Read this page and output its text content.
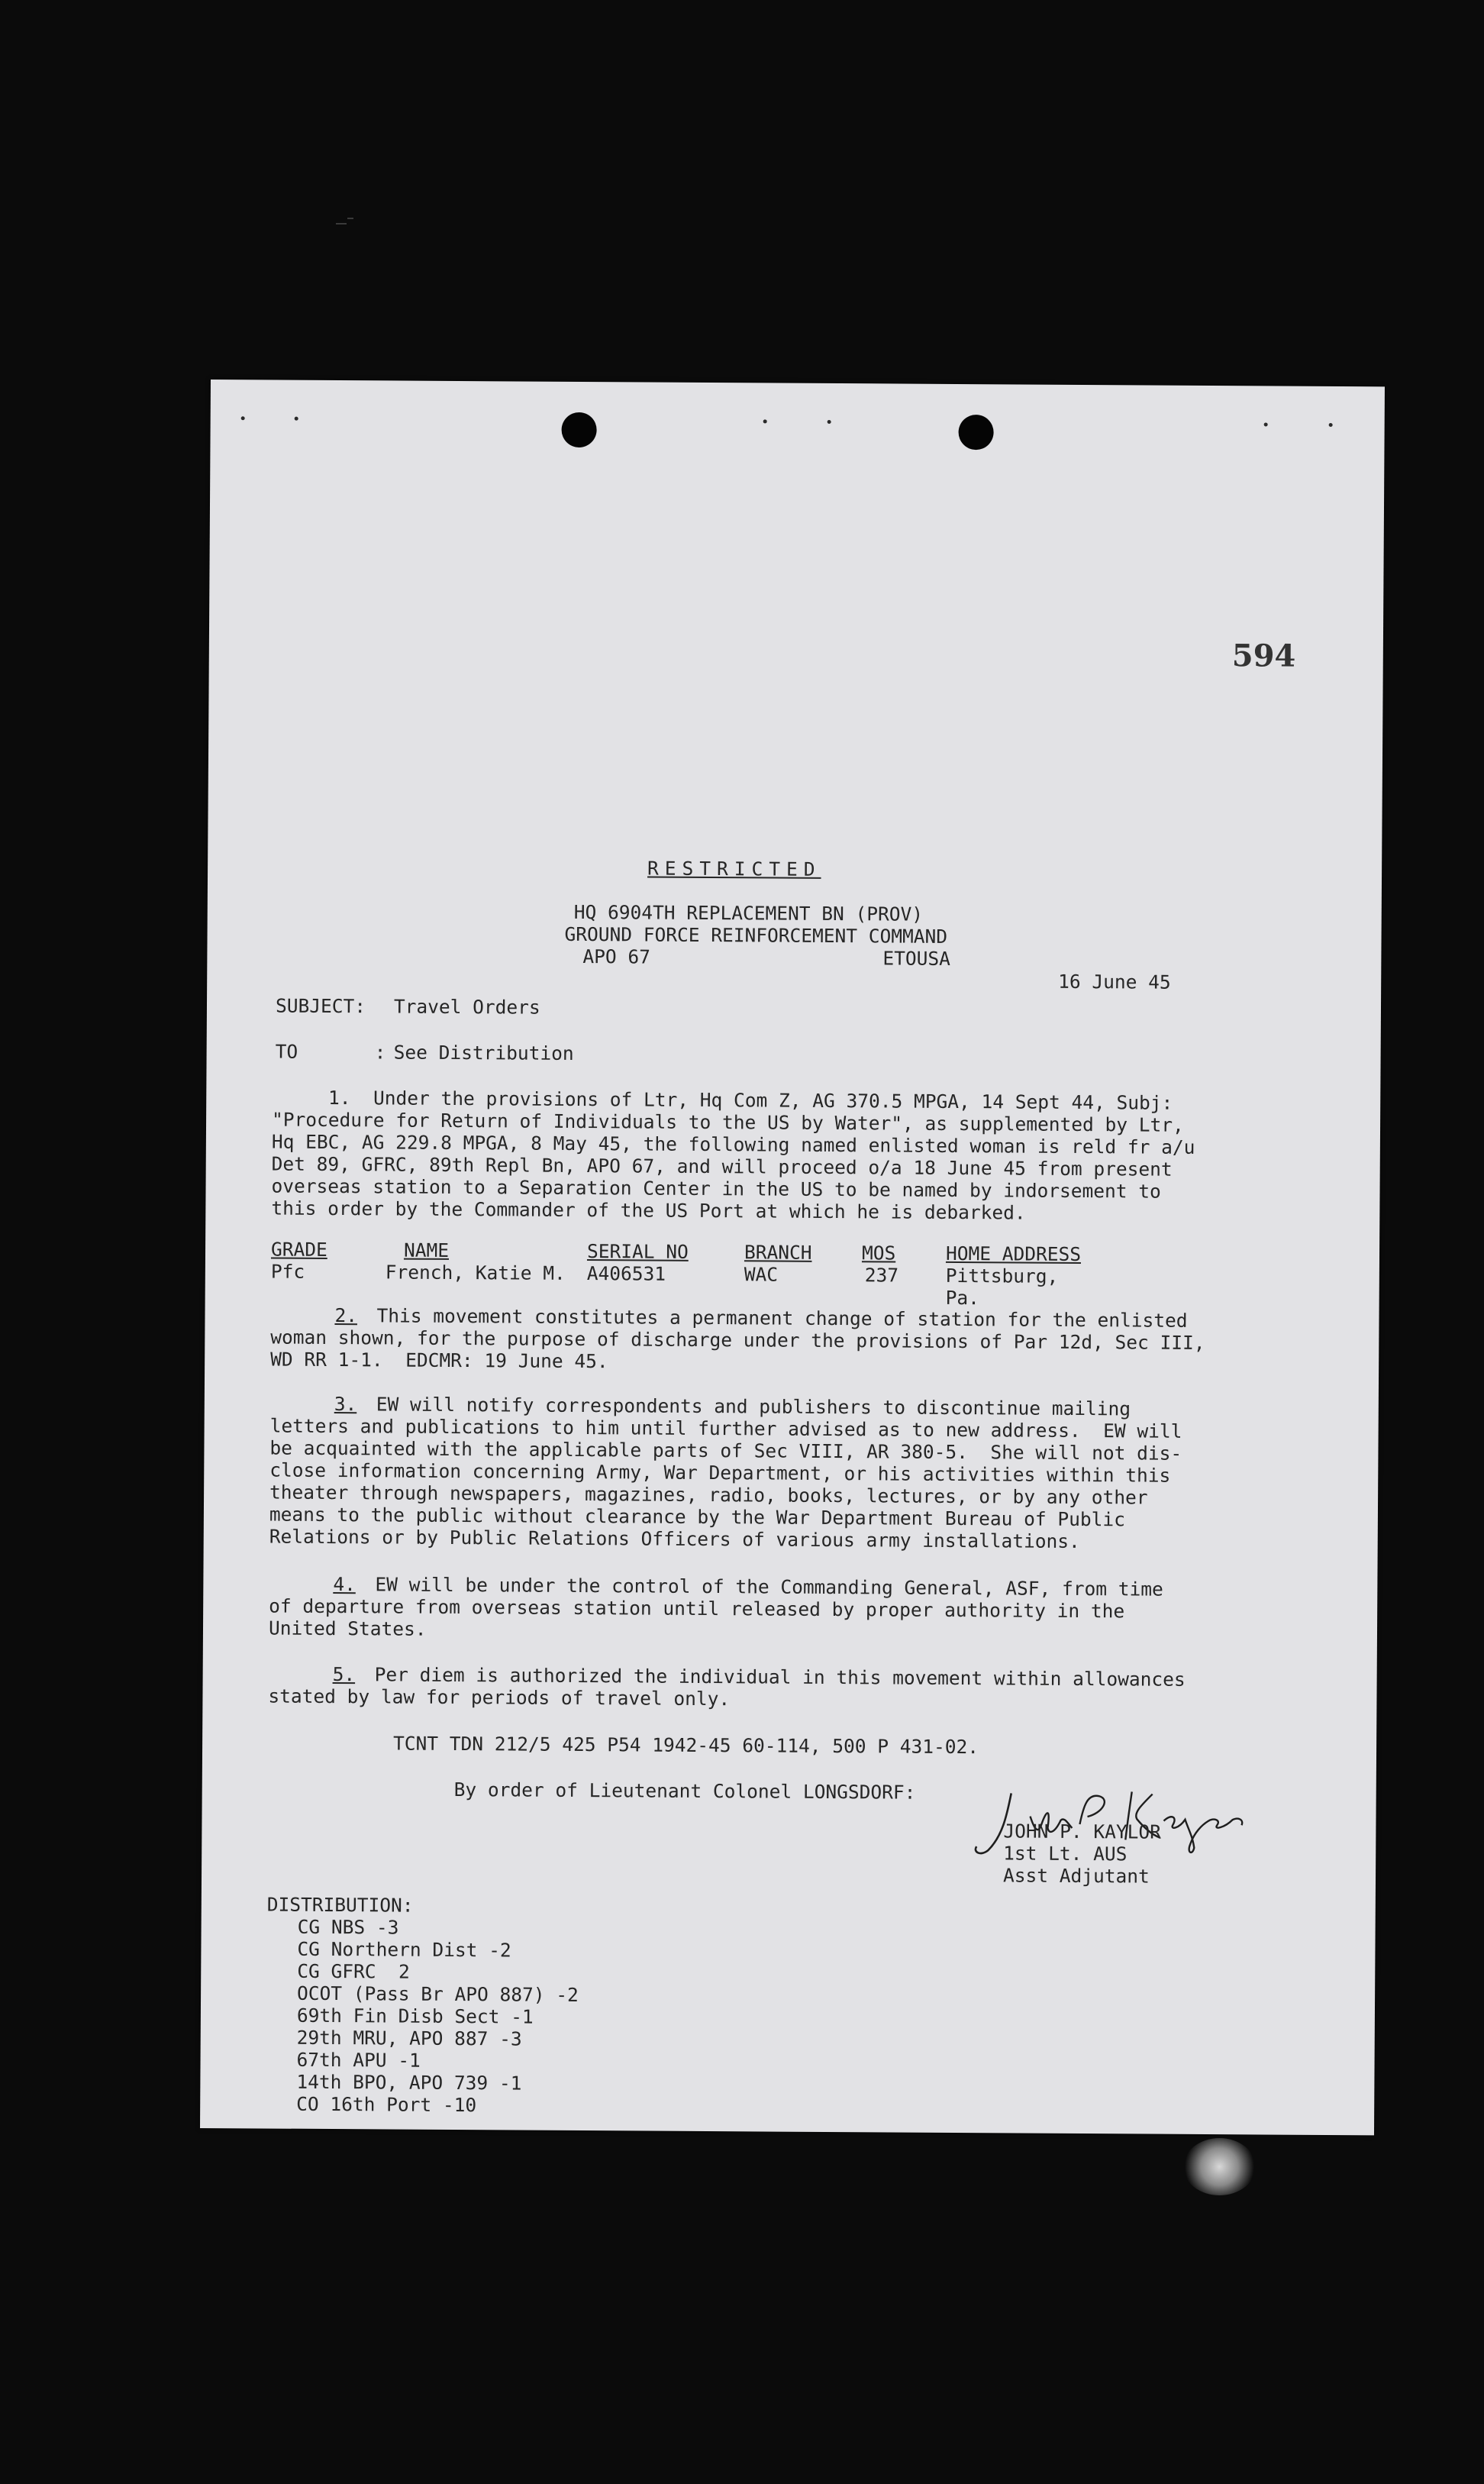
594
RESTRICTED
HQ 6904TH REPLACEMENT BN (PROV)
GROUND FORCE REINFORCEMENT COMMAND
APO 67	ETOUSA
16 June 45
SUBJECT: Travel Orders
TO	: See Distribution
1.  Under the provisions of Ltr, Hq Com Z, AG 370.5 MPGA, 14 Sept 44, Subj:
"Procedure for Return of Individuals to the US by Water", as supplemented by Ltr,
Hq EBC, AG 229.8 MPGA, 8 May 45, the following named enlisted woman is reld fr a/u
Det 89, GFRC, 89th Repl Bn, APO 67, and will proceed o/a 18 June 45 from present
overseas station to a Separation Center in the US to be named by indorsement to
this order by the Commander of the US Port at which he is debarked.
GRADE	NAME	SERIAL NO	BRANCH	MOS	HOME ADDRESS
Pfc	French, Katie M. A406531	WAC	237	Pittsburg,
Pa.
2. This movement constitutes a permanent change of station for the enlisted
woman shown, for the purpose of discharge under the provisions of Par 12d, Sec III,
WD RR 1-1.  EDCMR: 19 June 45.
3. EW will notify correspondents and publishers to discontinue mailing
letters and publications to him until further advised as to new address.  EW will
be acquainted with the applicable parts of Sec VIII, AR 380-5.  She will not dis-
close information concerning Army, War Department, or his activities within this
theater through newspapers, magazines, radio, books, lectures, or by any other
means to the public without clearance by the War Department Bureau of Public
Relations or by Public Relations Officers of various army installations.
4. EW will be under the control of the Commanding General, ASF, from time
of departure from overseas station until released by proper authority in the
United States.
5. Per diem is authorized the individual in this movement within allowances
stated by law for periods of travel only.
TCNT TDN 212/5 425 P54 1942-45 60-114, 500 P 431-02.
By order of Lieutenant Colonel LONGSDORF:
JOHN P. KAYLOR
1st Lt. AUS
Asst Adjutant
DISTRIBUTION:
CG NBS -3
CG Northern Dist -2
CG GFRC  2
OCOT (Pass Br APO 887) -2
69th Fin Disb Sect -1
29th MRU, APO 887 -3
67th APU -1
14th BPO, APO 739 -1
CO 16th Port -10
